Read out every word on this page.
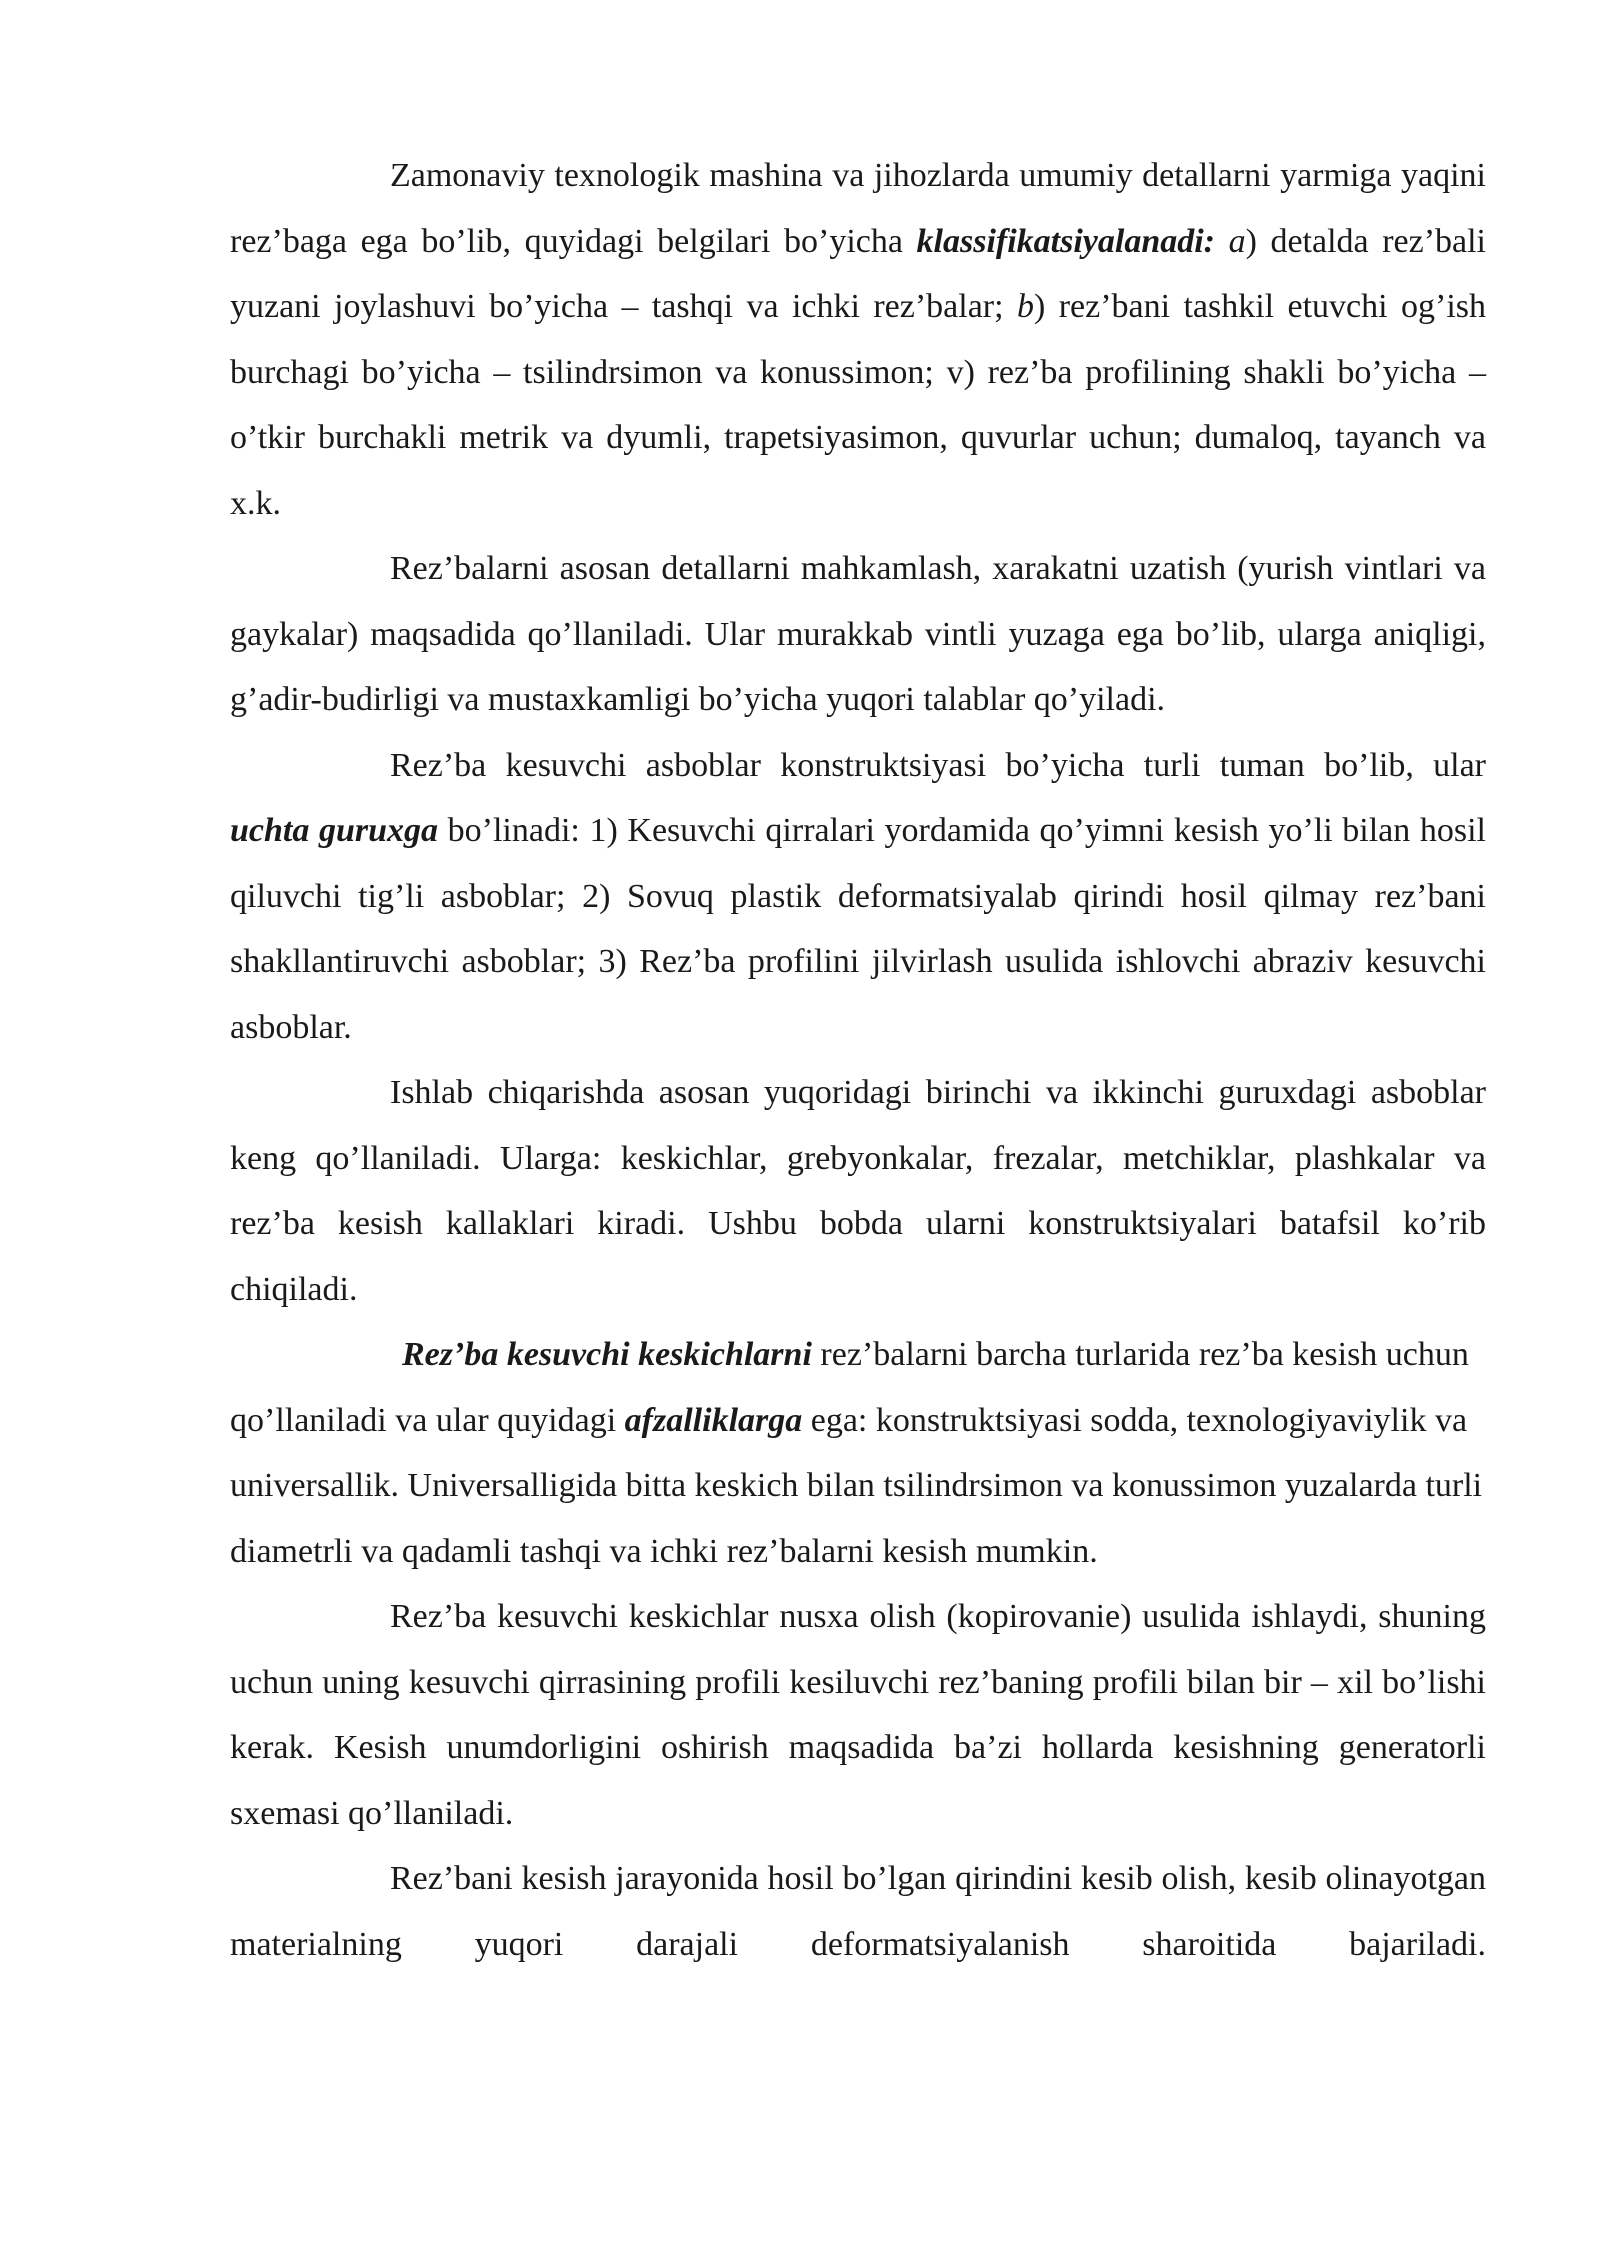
Zamonaviy texnologik mashina va jihozlarda umumiy detallarni yarmiga yaqini rez’baga ega bo’lib, quyidagi belgilari bo’yicha klassifikatsiyalanadi: a) detalda rez’bali yuzani joylashuvi bo’yicha – tashqi va ichki rez’balar; b) rez’bani tashkil etuvchi og’ish burchagi bo’yicha – tsilindrsimon va konussimon; v) rez’ba profilining shakli bo’yicha – o’tkir burchakli metrik va dyumli, trapetsiyasimon, quvurlar uchun; dumaloq, tayanch va x.k.

Rez’balarni asosan detallarni mahkamlash, xarakatni uzatish (yurish vintlari va gaykalar) maqsadida qo’llaniladi. Ular murakkab vintli yuzaga ega bo’lib, ularga aniqligi, g’adir-budirligi va mustaxkamligi bo’yicha yuqori talablar qo’yiladi.

Rez’ba kesuvchi asboblar konstruktsiyasi bo’yicha turli tuman bo’lib, ular uchta guruxga bo’linadi: 1) Kesuvchi qirralari yordamida qo’yimni kesish yo’li bilan hosil qiluvchi tig’li asboblar; 2) Sovuq plastik deformatsiyalab qirindi hosil qilmay rez’bani shakllantiruvchi asboblar; 3) Rez’ba profilini jilvirlash usulida ishlovchi abraziv kesuvchi asboblar.

Ishlab chiqarishda asosan yuqoridagi birinchi va ikkinchi guruxdagi asboblar keng qo’llaniladi. Ularga: keskichlar, grebyonkalar, frezalar, metchiklar, plashkalar va rez’ba kesish kallaklari kiradi. Ushbu bobda ularni konstruktsiyalari batafsil ko’rib chiqiladi.

Rez’ba kesuvchi keskichlarni rez’balarni barcha turlarida rez’ba kesish uchun qo’llaniladi va ular quyidagi afzalliklarga ega: konstruktsiyasi sodda, texnologiyaviylik va universallik. Universalligida bitta keskich bilan tsilindrsimon va konussimon yuzalarda turli diametrli va qadamli tashqi va ichki rez’balarni kesish mumkin.

Rez’ba kesuvchi keskichlar nusxa olish (kopirovanie) usulida ishlaydi, shuning uchun uning kesuvchi qirrasining profili kesiluvchi rez’baning profili bilan bir – xil bo’lishi kerak. Kesish unumdorligini oshirish maqsadida ba’zi hollarda kesishning generatorli sxemasi qo’llaniladi.

Rez’bani kesish jarayonida hosil bo’lgan qirindini kesib olish, kesib olinayotgan materialning yuqori darajali deformatsiyalanish sharoitida bajariladi.
